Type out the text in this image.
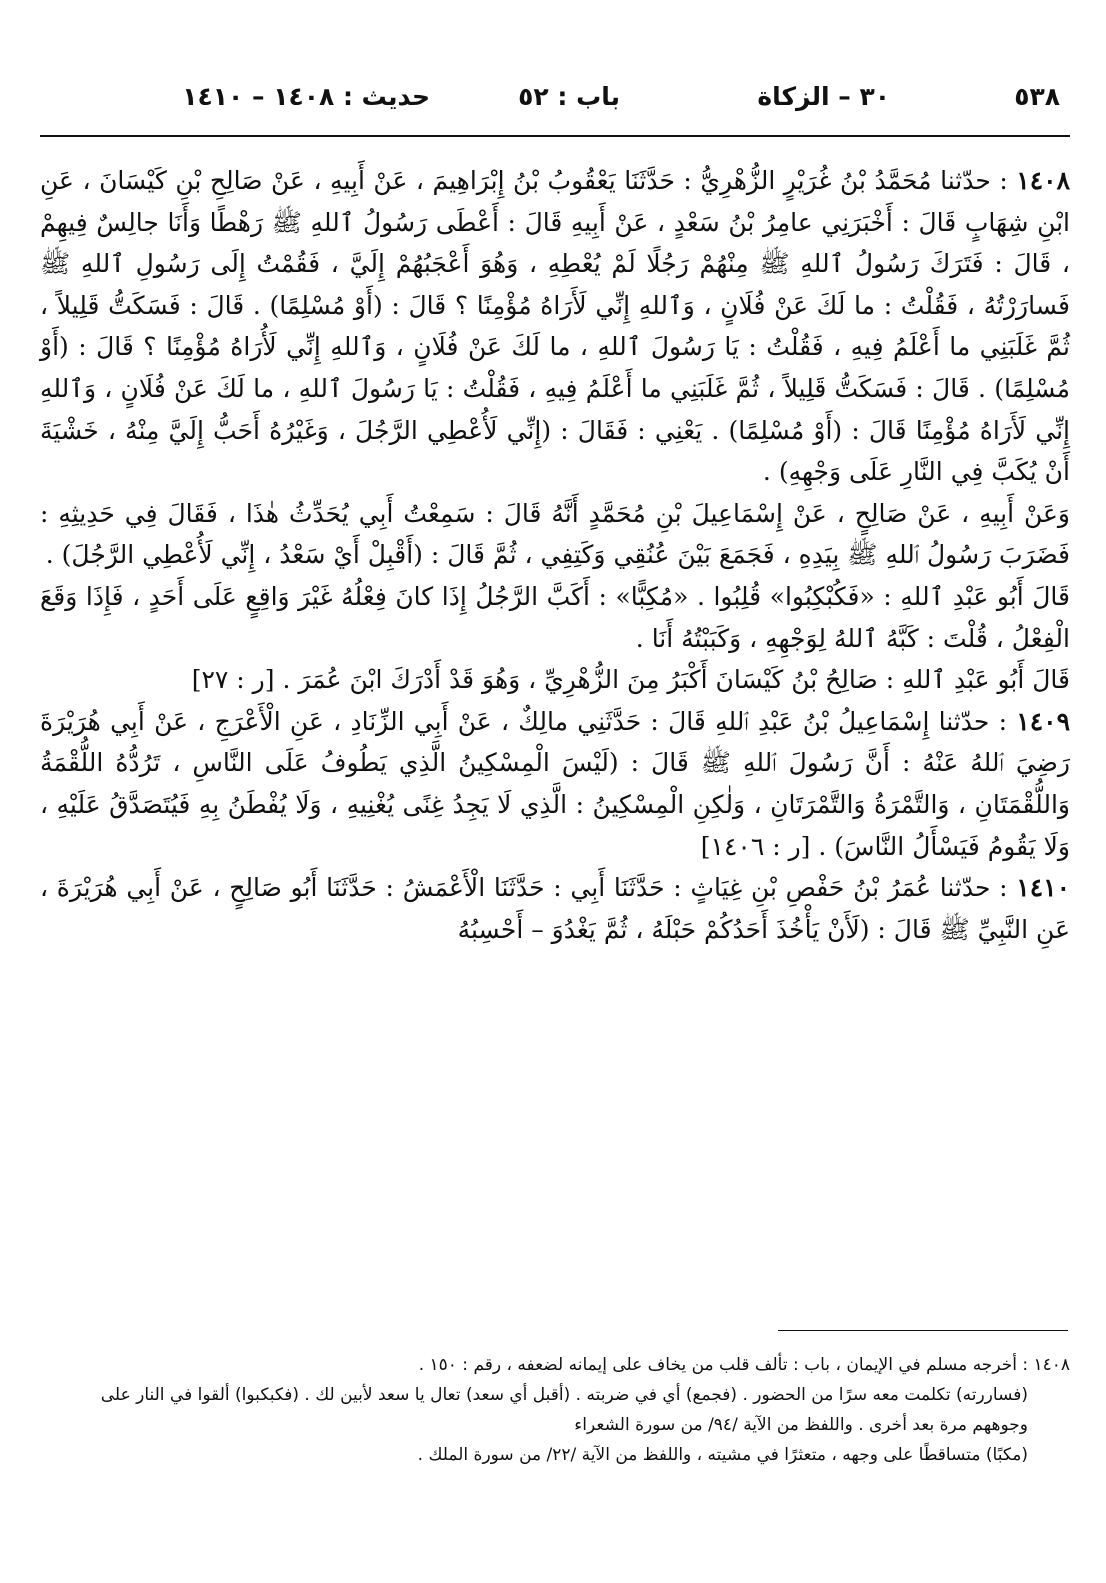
٥٣٨
٣٠ – الزكاة
باب : ٥٢
حديث : ١٤٠٨ – ١٤١٠

١٤٠٨ : حدّثنا مُحَمَّدُ بْنُ غُرَيْرٍ الزُّهْرِيُّ : حَدَّثَنَا يَعْقُوبُ بْنُ إِبْرَاهِيمَ ، عَنْ أَبِيهِ ، عَنْ صَالِحِ بْنِ كَيْسَانَ ، عَنِ ابْنِ شِهَابٍ قَالَ : أَخْبَرَنِي عامِرُ بْنُ سَعْدٍ ، عَنْ أَبِيهِ قَالَ : أَعْطَى رَسُولُ ٱللهِ ﷺ رَهْطًا وَأَنَا جالِسٌ فِيهِمْ ، قَالَ : فَتَرَكَ رَسُولُ ٱللهِ ﷺ مِنْهُمْ رَجُلًا لَمْ يُعْطِهِ ، وَهُوَ أَعْجَبُهُمْ إِلَيَّ ، فَقُمْتُ إِلَى رَسُولِ ٱللهِ ﷺ فَسارَرْتُهُ ، فَقُلْتُ : ما لَكَ عَنْ فُلَانٍ ، وَٱللهِ إِنِّي لَأَرَاهُ مُؤْمِنًا ؟ قَالَ : (أَوْ مُسْلِمًا) . قَالَ : فَسَكَتُّ قَلِيلاً ، ثُمَّ غَلَبَنِي ما أَعْلَمُ فِيهِ ، فَقُلْتُ : يَا رَسُولَ ٱللهِ ، ما لَكَ عَنْ فُلَانٍ ، وَٱللهِ إِنِّي لَأُرَاهُ مُؤْمِنًا ؟ قَالَ : (أَوْ مُسْلِمًا) . قَالَ : فَسَكَتُّ قَلِيلاً ، ثُمَّ غَلَبَنِي ما أَعْلَمُ فِيهِ ، فَقُلْتُ : يَا رَسُولَ ٱللهِ ، ما لَكَ عَنْ فُلَانٍ ، وَٱللهِ إِنِّي لَأَرَاهُ مُؤْمِنًا قَالَ : (أَوْ مُسْلِمًا) . يَعْنِي : فَقَالَ : (إِنِّي لَأُعْطِي الرَّجُلَ ، وَغَيْرُهُ أَحَبُّ إِلَيَّ مِنْهُ ، خَشْيَةَ أَنْ يُكَبَّ فِي النَّارِ عَلَى وَجْهِهِ) .

وَعَنْ أَبِيهِ ، عَنْ صَالِحٍ ، عَنْ إِسْمَاعِيلَ بْنِ مُحَمَّدٍ أَنَّهُ قَالَ : سَمِعْتُ أَبِي يُحَدِّثُ هٰذَا ، فَقَالَ فِي حَدِيثِهِ : فَضَرَبَ رَسُولُ ٱللهِ ﷺ بِيَدِهِ ، فَجَمَعَ بَيْنَ عُنُقِي وَكَتِفِي ، ثُمَّ قَالَ : (أَقْبِلْ أَيْ سَعْدُ ، إِنِّي لَأُعْطِي الرَّجُلَ) .

قَالَ أَبُو عَبْدِ ٱللهِ : «فَكُبْكِبُوا» قُلِبُوا . «مُكِبًّا» : أَكَبَّ الرَّجُلُ إِذَا كانَ فِعْلُهُ غَيْرَ وَاقِعٍ عَلَى أَحَدٍ ، فَإِذَا وَقَعَ الْفِعْلُ ، قُلْتَ : كَبَّهُ ٱللهُ لِوَجْهِهِ ، وَكَبَبْتُهُ أَنَا .

قَالَ أَبُو عَبْدِ ٱللهِ : صَالِحُ بْنُ كَيْسَانَ أَكْبَرُ مِنَ الزُّهْرِيِّ ، وَهُوَ قَدْ أَدْرَكَ ابْنَ عُمَرَ . [ر : ٢٧]

١٤٠٩ : حدّثنا إِسْمَاعِيلُ بْنُ عَبْدِ ٱللهِ قَالَ : حَدَّثَنِي مالِكٌ ، عَنْ أَبِي الزِّنَادِ ، عَنِ الْأَعْرَجِ ، عَنْ أَبِي هُرَيْرَةَ رَضِيَ ٱللهُ عَنْهُ : أَنَّ رَسُولَ ٱللهِ ﷺ قَالَ : (لَيْسَ الْمِسْكِينُ الَّذِي يَطُوفُ عَلَى النَّاسِ ، تَرُدُّهُ اللُّقْمَةُ وَاللُّقْمَتَانِ ، وَالتَّمْرَةُ وَالتَّمْرَتَانِ ، وَلٰكِنِ الْمِسْكِينُ : الَّذِي لَا يَجِدُ غِنًى يُغْنِيهِ ، وَلَا يُفْطَنُ بِهِ فَيُتَصَدَّقُ عَلَيْهِ ، وَلَا يَقُومُ فَيَسْأَلُ النَّاسَ) . [ر : ١٤٠٦]

١٤١٠ : حدّثنا عُمَرُ بْنُ حَفْصِ بْنِ غِيَاثٍ : حَدَّثَنَا أَبِي : حَدَّثَنَا الْأَعْمَشُ : حَدَّثَنَا أَبُو صَالِحٍ ، عَنْ أَبِي هُرَيْرَةَ ، عَنِ النَّبِيِّ ﷺ قَالَ : (لَأَنْ يَأْخُذَ أَحَدُكُمْ حَبْلَهُ ، ثُمَّ يَغْدُوَ – أَحْسِبُهُ

١٤٠٨ : أخرجه مسلم في الإيمان ، باب : تألف قلب من يخاف على إيمانه لضعفه ، رقم : ١٥٠ .

(فساررته) تكلمت معه سرًا من الحضور . (فجمع) أي في ضربته . (أقبل أي سعد) تعال يا سعد لأبين لك . (فكبكبوا) ألقوا في النار على وجوههم مرة بعد أخرى . واللفظ من الآية /٩٤/ من سورة الشعراء

(مكبًا) متساقطًا على وجهه ، متعثرًا في مشيته ، واللفظ من الآية /٢٢/ من سورة الملك .
